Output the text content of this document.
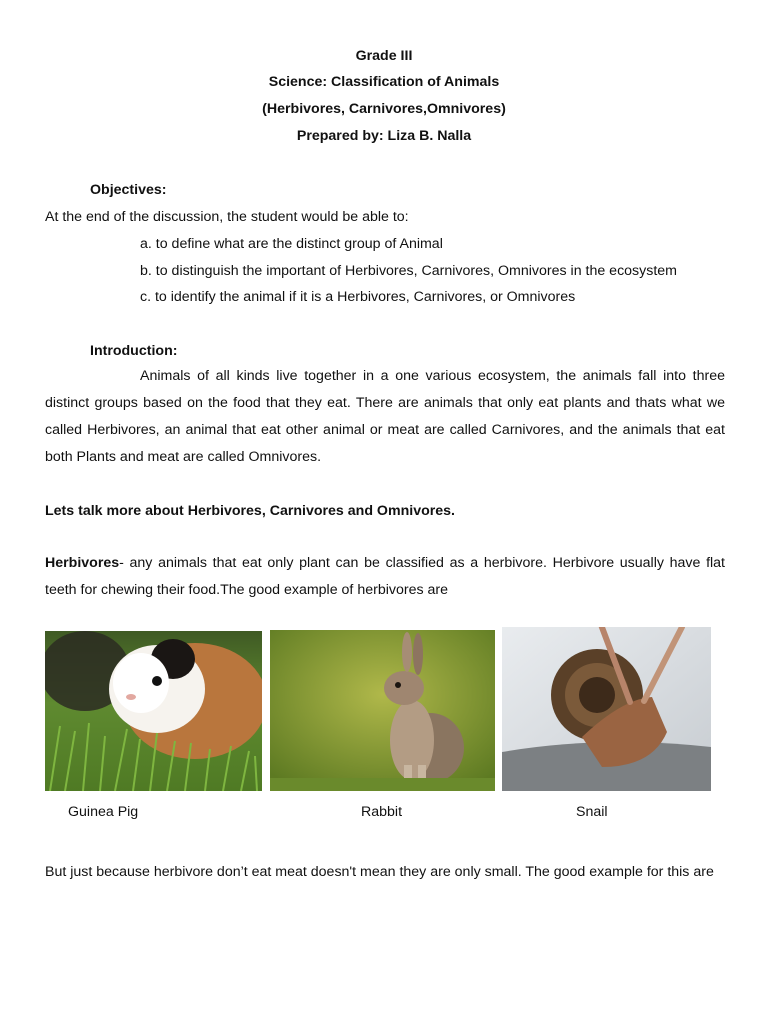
Grade III
Science: Classification of Animals
(Herbivores, Carnivores,Omnivores)
Prepared by: Liza B. Nalla
Objectives:
At the end of the discussion, the student would be able to:
a. to define what are the distinct group of Animal
b. to distinguish the important of Herbivores, Carnivores, Omnivores in the ecosystem
c. to identify the animal if it is a Herbivores, Carnivores, or Omnivores
Introduction:
Animals of all kinds live together in a one various ecosystem, the animals fall into three distinct groups based on the food that they eat. There are animals that only eat plants and thats what we called Herbivores, an animal that eat other animal or meat are called Carnivores, and the animals that eat both Plants and meat are called Omnivores.
Lets talk more about Herbivores, Carnivores and Omnivores.
Herbivores- any animals that eat only plant can be classified as a herbivore. Herbivore usually have flat teeth for chewing their food.The good example of herbivores are
Guinea Pig	Rabbit	Snail
But just because herbivore don’t eat meat doesn't mean they are only small. The good example for this are
